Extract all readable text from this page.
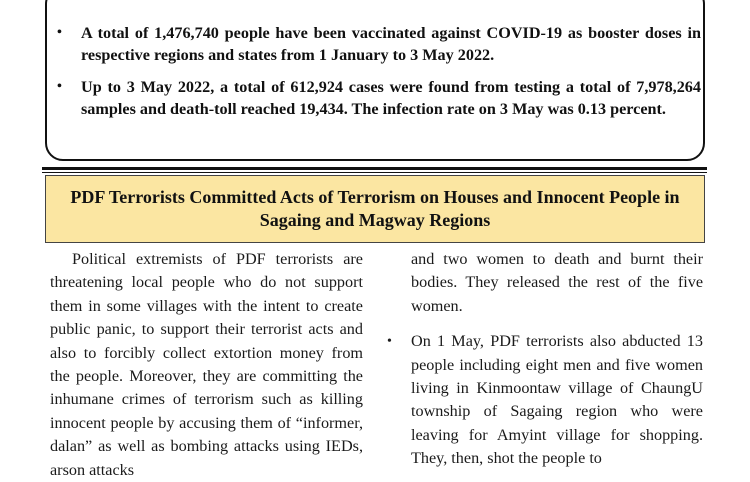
• A total of 1,476,740 people have been vaccinated against COVID-19 as booster doses in respective regions and states from 1 January to 3 May 2022.
• Up to 3 May 2022, a total of 612,924 cases were found from testing a total of 7,978,264 samples and death-toll reached 19,434. The infection rate on 3 May was 0.13 percent.
PDF Terrorists Committed Acts of Terrorism on Houses and Innocent People in Sagaing and Magway Regions

Political extremists of PDF terrorists are threatening local people who do not support them in some villages with the intent to create public panic, to support their terrorist acts and also to forcibly collect extortion money from the people. Moreover, they are committing the inhumane crimes of terrorism such as killing innocent people by accusing them of “informer, dalan” as well as bombing attacks using IEDs, arson attacks

and two women to death and burnt their bodies. They released the rest of the five women.

• On 1 May, PDF terrorists also abducted 13 people including eight men and five women living in Kinmoontaw village of ChaungU township of Sagaing region who were leaving for Amyint village for shopping. They, then, shot the people to
